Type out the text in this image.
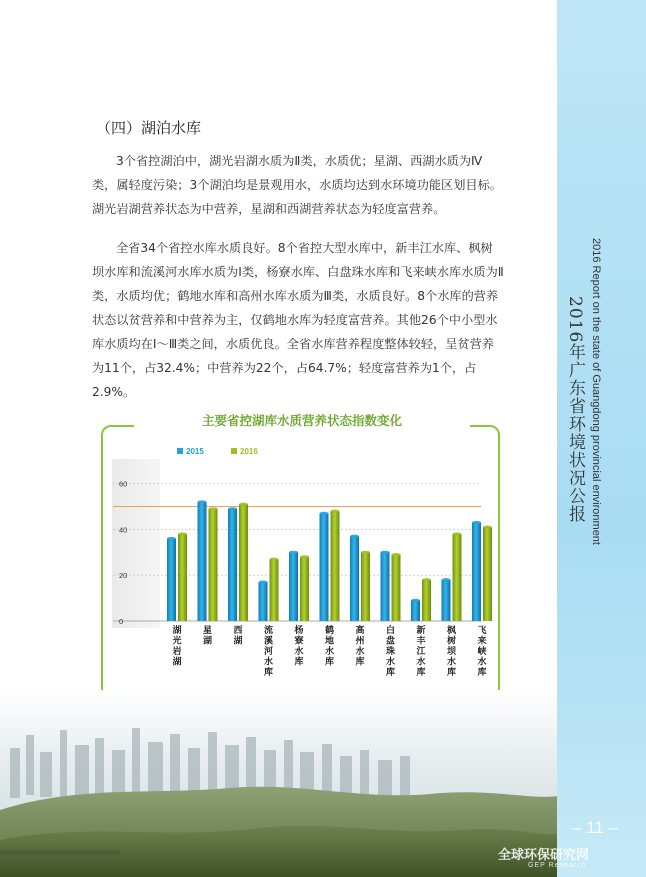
2016 Report on the state of Guangdong provincial environment
2016年广东省环境状况公报
（四）湖泊水库

3个省控湖泊中，湖光岩湖水质为Ⅱ类，水质优；星湖、西湖水质为Ⅳ类，属轻度污染；3个湖泊均是景观用水，水质均达到水环境功能区划目标。湖光岩湖营养状态为中营养，星湖和西湖营养状态为轻度富营养。

全省34个省控水库水质良好。8个省控大型水库中，新丰江水库、枫树坝水库和流溪河水库水质为Ⅰ类，杨寮水库、白盘珠水库和飞来峡水库水质为Ⅱ类，水质均优；鹤地水库和高州水库水质为Ⅲ类，水质良好。8个水库的营养状态以贫营养和中营养为主，仅鹤地水库为轻度富营养。其他26个中小型水库水质均在Ⅰ～Ⅲ类之间，水质优良。全省水库营养程度整体较轻，呈贫营养为11个，占32.4%；中营养为22个，占64.7%；轻度富营养为1个，占2.9%。

0
20
40
60
湖光岩湖
星湖
西湖
流溪河水库
杨寮水库
鹤地水库
高州水库
白盘珠水库
新丰江水库
枫树坝水库
飞来峡水库
2015	2016
主要省控湖库水质营养状态指数变化
– 11 –
全球环保研究网
GEP Research
